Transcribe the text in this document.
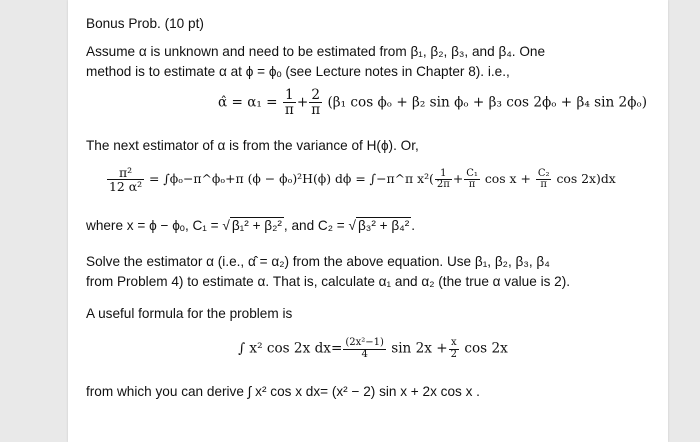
Bonus Prob. (10 pt)
Assume α is unknown and need to be estimated from β₁, β₂, β₃, and β₄. One
method is to estimate α at ϕ = ϕₒ (see Lecture notes in Chapter 8). i.e.,
α̂ = $\alpha_1 = \frac{1}{\pi} + \frac{2}{\pi} (\beta_1$ cos ϕₒ + β₂ sin ϕₒ + β₃ cos 2ϕₒ + β₄ sin 2ϕₒ)
The next estimator of α is from the variance of H(ϕ). Or,
$\frac{\text{π²}}{\text{12 α²}}$ = ∫ϕₒ−π^ϕₒ+π (ϕ − ϕₒ)²H(ϕ) dϕ = ∫−π^π $x^2( \frac{1}{2\pi} + \frac{\text{C₁}}{\pi}$ $\cos x + \frac{\text{C₂}}{\pi}$ cos 2x)dx
where x = ϕ − ϕₒ, C₁ = √ β₁² + β₂² , and C₂ = √ β₃² + β₄² .
Solve the estimator α (i.e., α̂ = α₂) from the above equation. Use β₁, β₂, β₃, β₄
from Problem 4) to estimate α. That is, calculate α₁ and α₂ (the true α value is 2).
A useful formula for the problem is
∫ x² cos 2x $dx= \frac{\text{(2x²−1)}}{4}$ $\sin 2x + \frac{x}{2}$ cos 2x
from which you can derive ∫ x² cos x dx= (x² − 2) sin x + 2x cos x .
